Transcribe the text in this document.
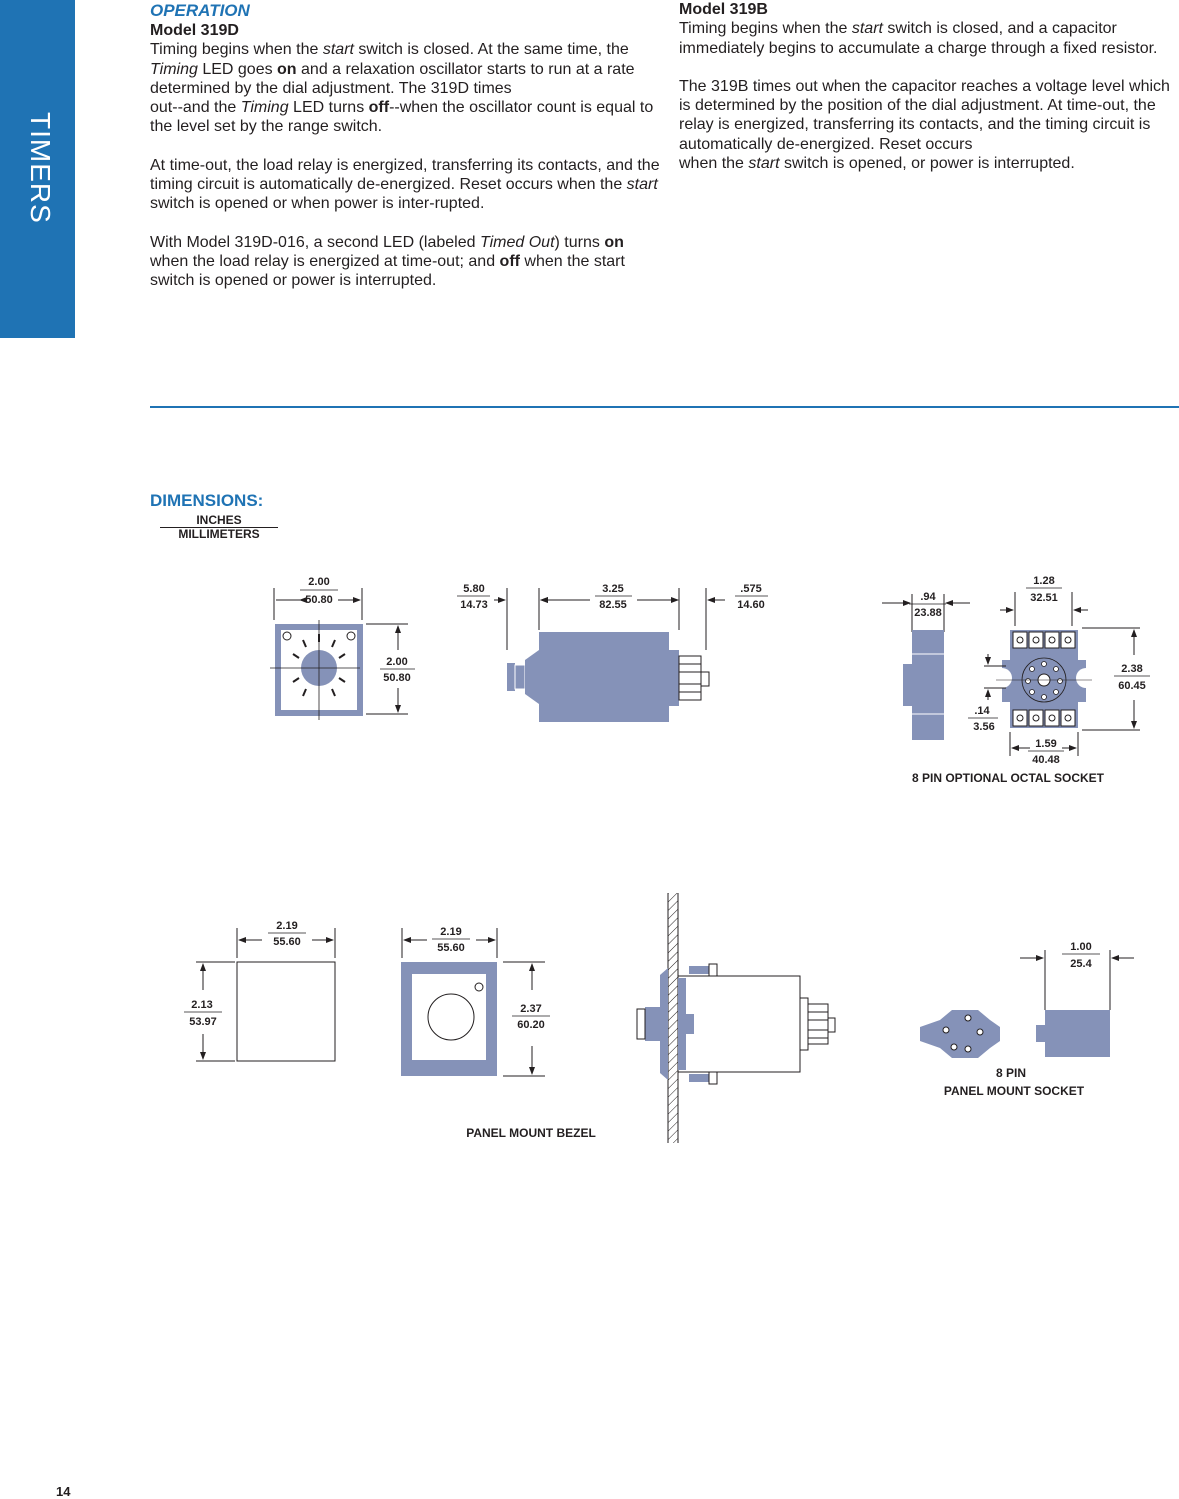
TIMERS
OPERATION
Model 319D

Timing begins when the start switch is closed. At the same time, the Timing LED goes on and a relaxation oscillator starts to run at a rate determined by the dial adjustment. The 319D times
out--and the Timing LED turns off--when the oscillator count is equal to the level set by the range switch.

At time-out, the load relay is energized, transferring its contacts, and the timing circuit is automatically de-energized. Reset occurs when the start switch is opened or when power is inter-rupted.

With Model 319D-016, a second LED (labeled Timed Out) turns on when the load relay is energized at time-out; and off when the start switch is opened or power is interrupted.

Model 319B

Timing begins when the start switch is closed, and a capacitor immediately begins to accumulate a charge through a fixed resistor.

The 319B times out when the capacitor reaches a voltage level which is determined by the position of the dial adjustment. At time-out, the relay is energized, transferring its contacts, and the timing circuit is automatically de-energized. Reset occurs
when the start switch is opened, or power is interrupted.

DIMENSIONS:
INCHES
MILLIMETERS
2.00
50.80
2.00
50.80
5.80
14.73
3.25
82.55
.575
14.60
.94
23.88
1.28
32.51
2.38
60.45
.14
3.56
1.59
40.48
8 PIN OPTIONAL OCTAL SOCKET
2.19
55.60
2.13
53.97
2.19
55.60
2.37
60.20
PANEL MOUNT BEZEL
1.00
25.4
8 PIN
PANEL MOUNT SOCKET
14
